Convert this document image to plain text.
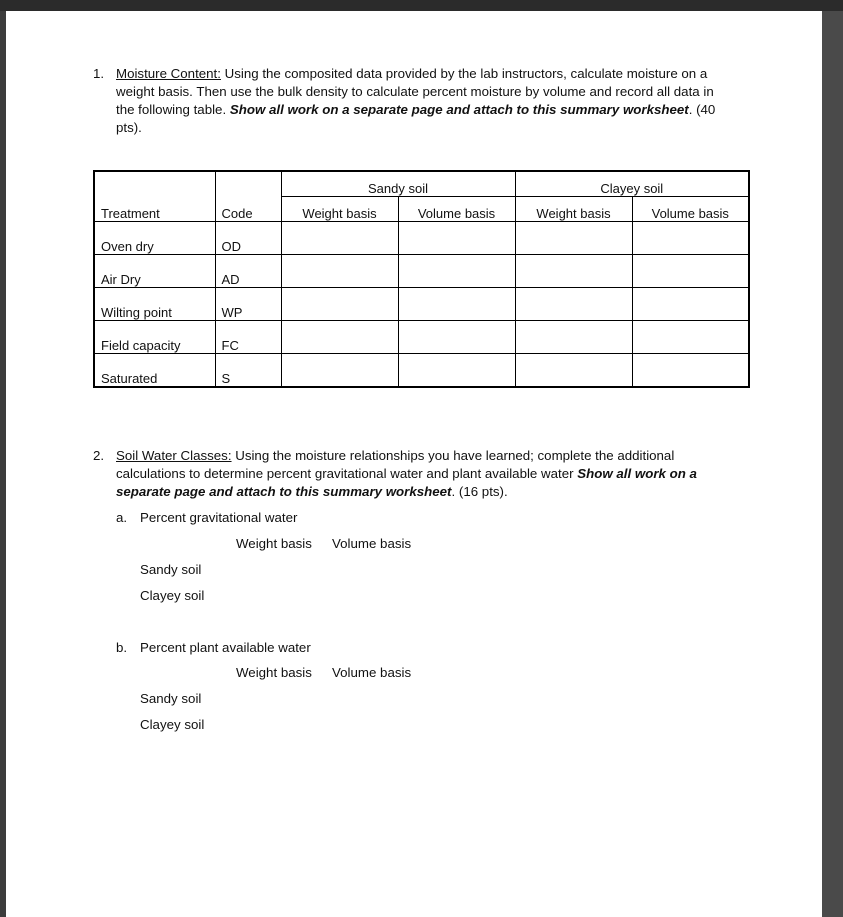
1. Moisture Content: Using the composited data provided by the lab instructors, calculate moisture on a
weight basis. Then use the bulk density to calculate percent moisture by volume and record all data in
the following table. Show all work on a separate page and attach to this summary worksheet. (40
pts).
Treatment	Code	Sandy soil		Clayey soil	
		Weight basis	Volume basis	Weight basis	Volume basis
Oven dry	OD				
Air Dry	AD				
Wilting point	WP				
Field capacity	FC				
Saturated	S				
2. Soil Water Classes: Using the moisture relationships you have learned; complete the additional
calculations to determine percent gravitational water and plant available water Show all work on a
separate page and attach to this summary worksheet. (16 pts).
a. Percent gravitational water
Weight basis Volume basis
Sandy soil
Clayey soil
b. Percent plant available water
Weight basis Volume basis
Sandy soil
Clayey soil
